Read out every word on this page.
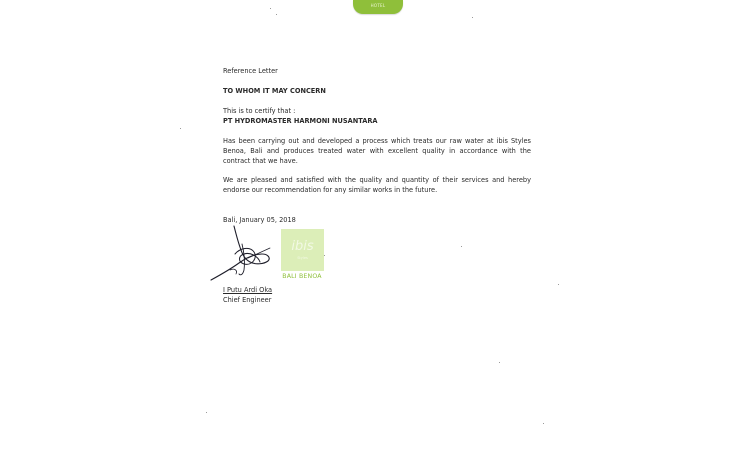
HOTEL
Reference Letter
TO WHOM IT MAY CONCERN
This is to certify that :
PT HYDROMASTER HARMONI NUSANTARA
Has been carrying out and developed a process which treats our raw water at ibis Styles Benoa, Bali and produces treated water with excellent quality in accordance with the contract that we have.
We are pleased and satisfied with the quality and quantity of their services and hereby endorse our recommendation for any similar works in the future.
Bali, January 05, 2018
ibis
Styles
BALI BENOA
I Putu Ardi Oka
Chief Engineer
